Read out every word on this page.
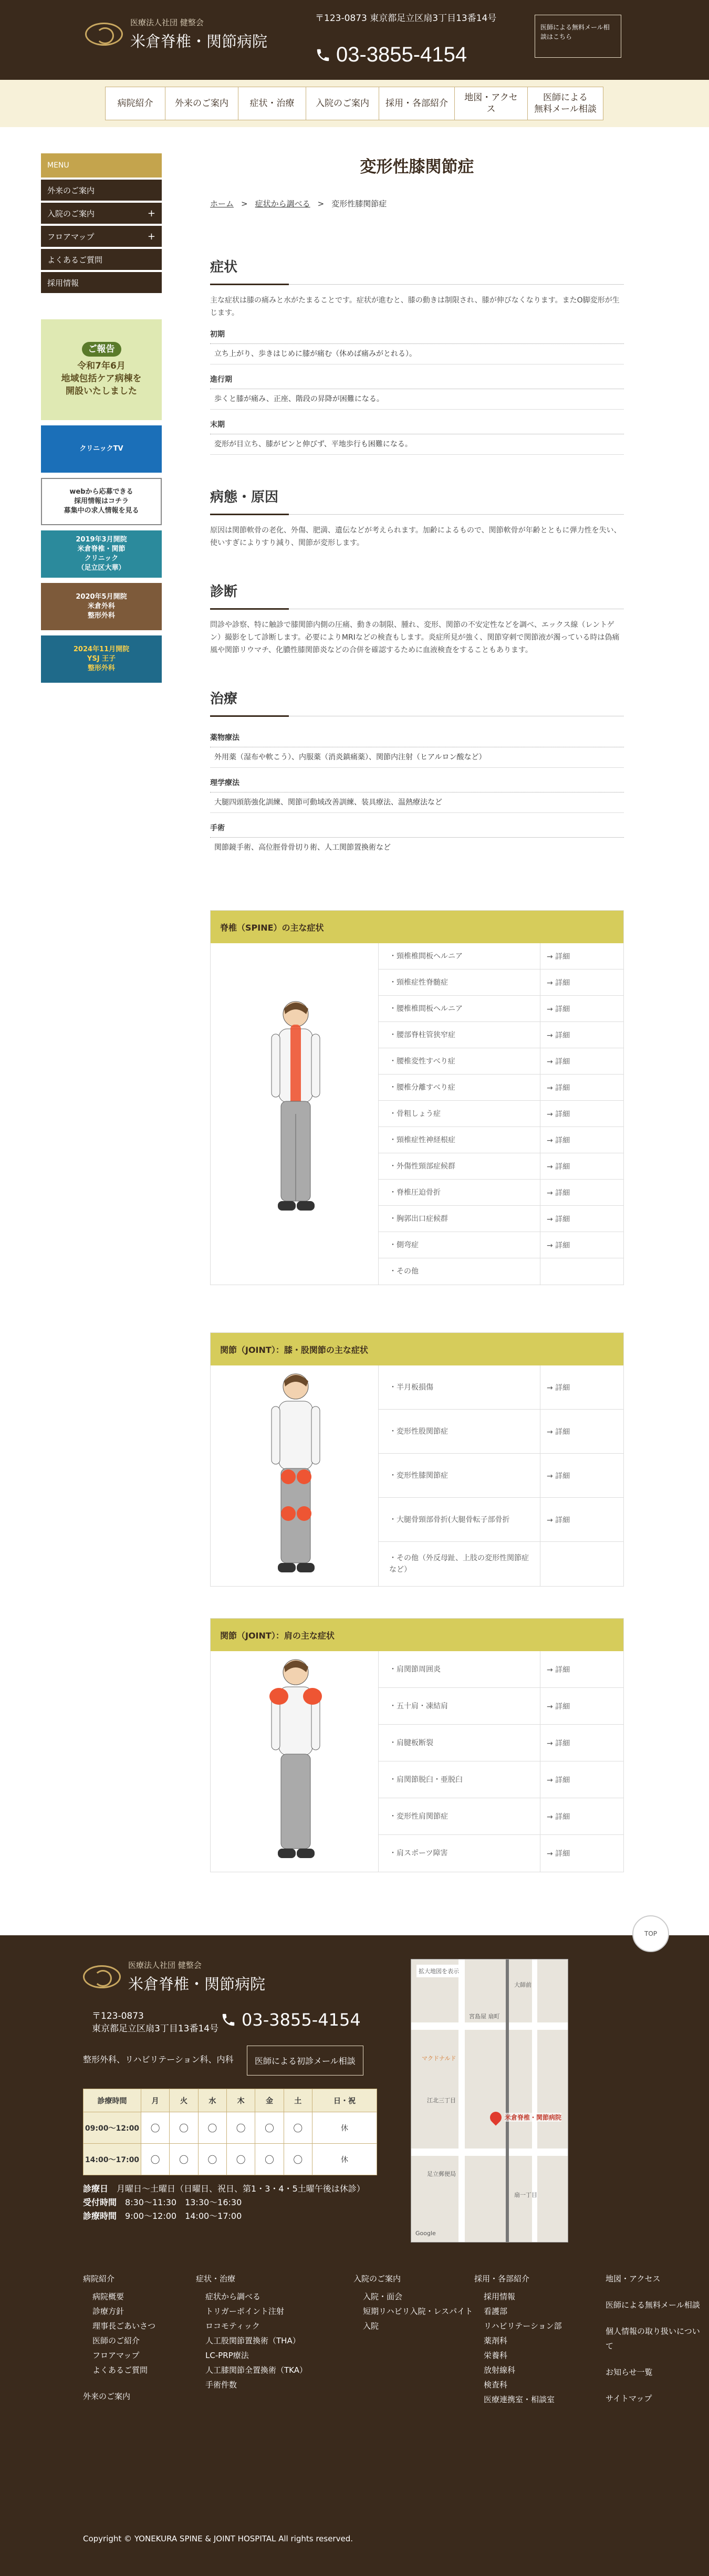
医療法人社団 健整会
米倉脊椎・関節病院
〒123-0873 東京都足立区扇3丁目13番14号
03-3855-4154
医師による無料メール相談はこちら
病院紹介	外来のご案内	症状・治療	入院のご案内	採用・各部紹介
地図・アクセス
医師による
無料メール相談
MENU
外来のご案内
入院のご案内	+
フロアマップ	+
よくあるご質問
採用情報
ご報告
令和7年6月
地域包括ケア病棟を
開設いたしました
クリニックTV
webから応募できる
採用情報はコチラ
募集中の求人情報を見る
2019年3月開院
米倉脊椎・関節
クリニック
（足立区大華）
2020年5月開院
米倉外科
整形外科
2024年11月開院
YSJ 王子
整形外科
変形性膝関節症
ホーム > 症状から調べる > 変形性膝関節症
症状

主な症状は膝の痛みと水がたまることです。症状が進むと、膝の動きは制限され、膝が伸びなくなります。またO脚変形が生じます。

初期
立ち上がり、歩きはじめに膝が痛む（休めば痛みがとれる）。
進行期
歩くと膝が痛み、正座、階段の昇降が困難になる。
末期
変形が目立ち、膝がピンと伸びず、平地歩行も困難になる。
病態・原因

原因は関節軟骨の老化、外傷、肥満、遺伝などが考えられます。加齢によるもので、関節軟骨が年齢とともに弾力性を失い、使いすぎによりすり減り、関節が変形します。

診断

問診や診察、特に触診で膝関節内側の圧痛、動きの制限、腫れ、変形、関節の不安定性などを調べ、エックス線（レントゲン）撮影をして診断します。必要によりMRIなどの検査もします。炎症所見が強く、関節穿刺で関節液が濁っている時は偽痛風や関節リウマチ、化膿性膝関節炎などの合併を確認するために血液検査をすることもあります。

治療
薬物療法
外用薬（湿布や軟こう）、内服薬（消炎鎮痛薬）、関節内注射（ヒアルロン酸など）
理学療法
大腿四頭筋強化訓練、関節可動域改善訓練、装具療法、温熱療法など
手術
関節鏡手術、高位脛骨骨切り術、人工関節置換術など
脊椎（SPINE）の主な症状
・頸椎椎間板ヘルニア	→ 詳細
・頸椎症性脊髄症	→ 詳細
・腰椎椎間板ヘルニア	→ 詳細
・腰部脊柱管狭窄症	→ 詳細
・腰椎変性すべり症	→ 詳細
・腰椎分離すべり症	→ 詳細
・骨粗しょう症	→ 詳細
・頸椎症性神経根症	→ 詳細
・外傷性頸部症候群	→ 詳細
・脊椎圧迫骨折	→ 詳細
・胸郭出口症候群	→ 詳細
・側弯症	→ 詳細
・その他
関節（JOINT）：膝・股関節の主な症状
・半月板損傷	→ 詳細
・変形性股関節症	→ 詳細
・変形性膝関節症	→ 詳細
・大腿骨頸部骨折(大腿骨転子部骨折	→ 詳細
・その他（外反母趾、上肢の変形性関節症など）
関節（JOINT）：肩の主な症状
・肩関節周囲炎	→ 詳細
・五十肩・凍結肩	→ 詳細
・肩腱板断裂	→ 詳細
・肩関節脱臼・亜脱臼	→ 詳細
・変形性肩関節症	→ 詳細
・肩スポーツ障害	→ 詳細
TOP
医療法人社団 健整会
米倉脊椎・関節病院
〒123-0873
東京都足立区扇3丁目13番14号 03-3855-4154
整形外科、リハビリテーション科、内科	医師による初診メール相談
診療時間	月	火	水	木	金	土	日・祝
09:00〜12:00	〇	〇	〇	〇	〇	〇	休
14:00〜17:00	〇	〇	〇	〇	〇	〇	休
診療日　 月曜日〜土曜日（日曜日、祝日、第1・3・4・5土曜午後は休診）
受付時間　 8:30〜11:30　13:30〜16:30
診療時間　 9:00〜12:00　14:00〜17:00
拡大地図を表示
大師前
宮島屋 扇町
マクドナルド
江北三丁目
足立郵便局
扇一丁目
Google
米倉脊椎・関節病院
病院紹介
病院概要
診療方針
理事長ごあいさつ
医師のご紹介
フロアマップ
よくあるご質問
外来のご案内
症状・治療
症状から調べる
トリガーポイント注射
ロコモティック
人工股関節置換術（THA）
LC-PRP療法
人工膝関節全置換術（TKA）
手術件数
入院のご案内
入院・面会
短期リハビリ入院・レスパイト入院
採用・各部紹介
採用情報
看護部
リハビリテーション部
薬剤科
栄養科
放射線科
検査科
医療連携室・相談室
地図・アクセス
医師による無料メール相談
個人情報の取り扱いについて
お知らせ一覧
サイトマップ
Copyright © YONEKURA SPINE & JOINT HOSPITAL All rights reserved.
